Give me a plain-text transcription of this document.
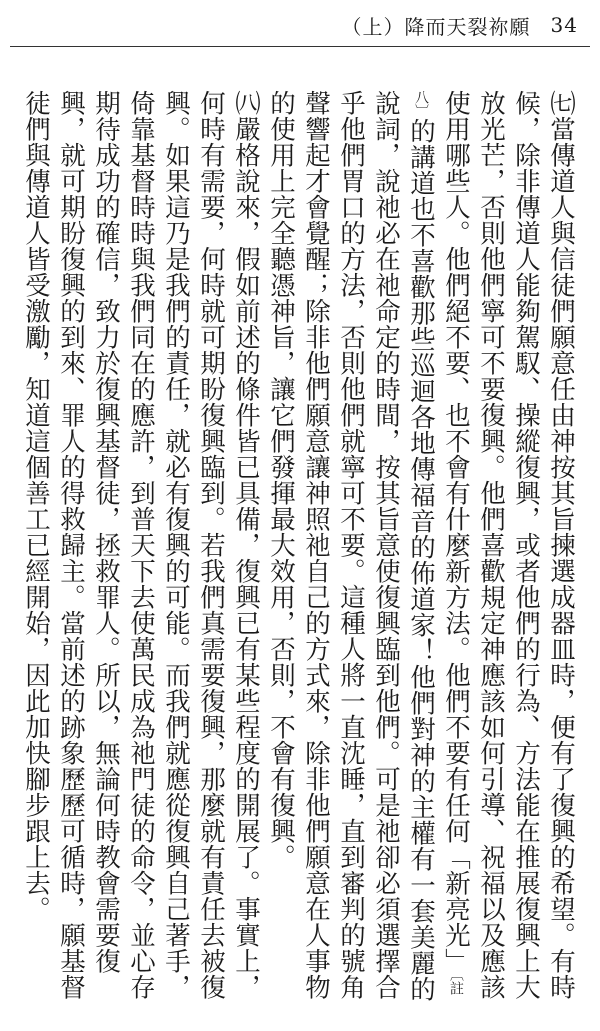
（上）降而天裂祢願 34

㈦當傳道人與信徒們願意任由神按其旨揀選成器皿時，便有了復興的希望。有時候，除非傳道人能夠駕馭、操縱復興，或者他們的行為、方法能在推展復興上大放光芒，否則他們寧可不要復興。他們喜歡規定神應該如何引導、祝福以及應該使用哪些人。他們絕不要、也不會有什麼新方法。他們不要有任何「新亮光」〔註八〕的講道也不喜歡那些巡迴各地傳福音的佈道家！他們對神的主權有一套美麗的說詞，說祂必在祂命定的時間，按其旨意使復興臨到他們。可是祂卻必須選擇合乎他們胃口的方法，否則他們就寧可不要。這種人將一直沈睡，直到審判的號角聲響起才會覺醒；除非他們願意讓神照祂自己的方式來，除非他們願意在人事物的使用上完全聽憑神旨，讓它們發揮最大效用，否則，不會有復興。

㈧嚴格說來，假如前述的條件皆已具備，復興已有某些程度的開展了。事實上，何時有需要，何時就可期盼復興臨到。若我們真需要復興，那麼就有責任去被復興。如果這乃是我們的責任，就必有復興的可能。而我們就應從復興自己著手，倚靠基督時時與我們同在的應許，到普天下去使萬民成為祂門徒的命令，並心存期待成功的確信，致力於復興基督徒，拯救罪人。所以，無論何時教會需要復興，就可期盼復興的到來、罪人的得救歸主。當前述的跡象歷歷可循時，願基督徒們與傳道人皆受激勵，知道這個善工已經開始，因此加快腳步跟上去。
